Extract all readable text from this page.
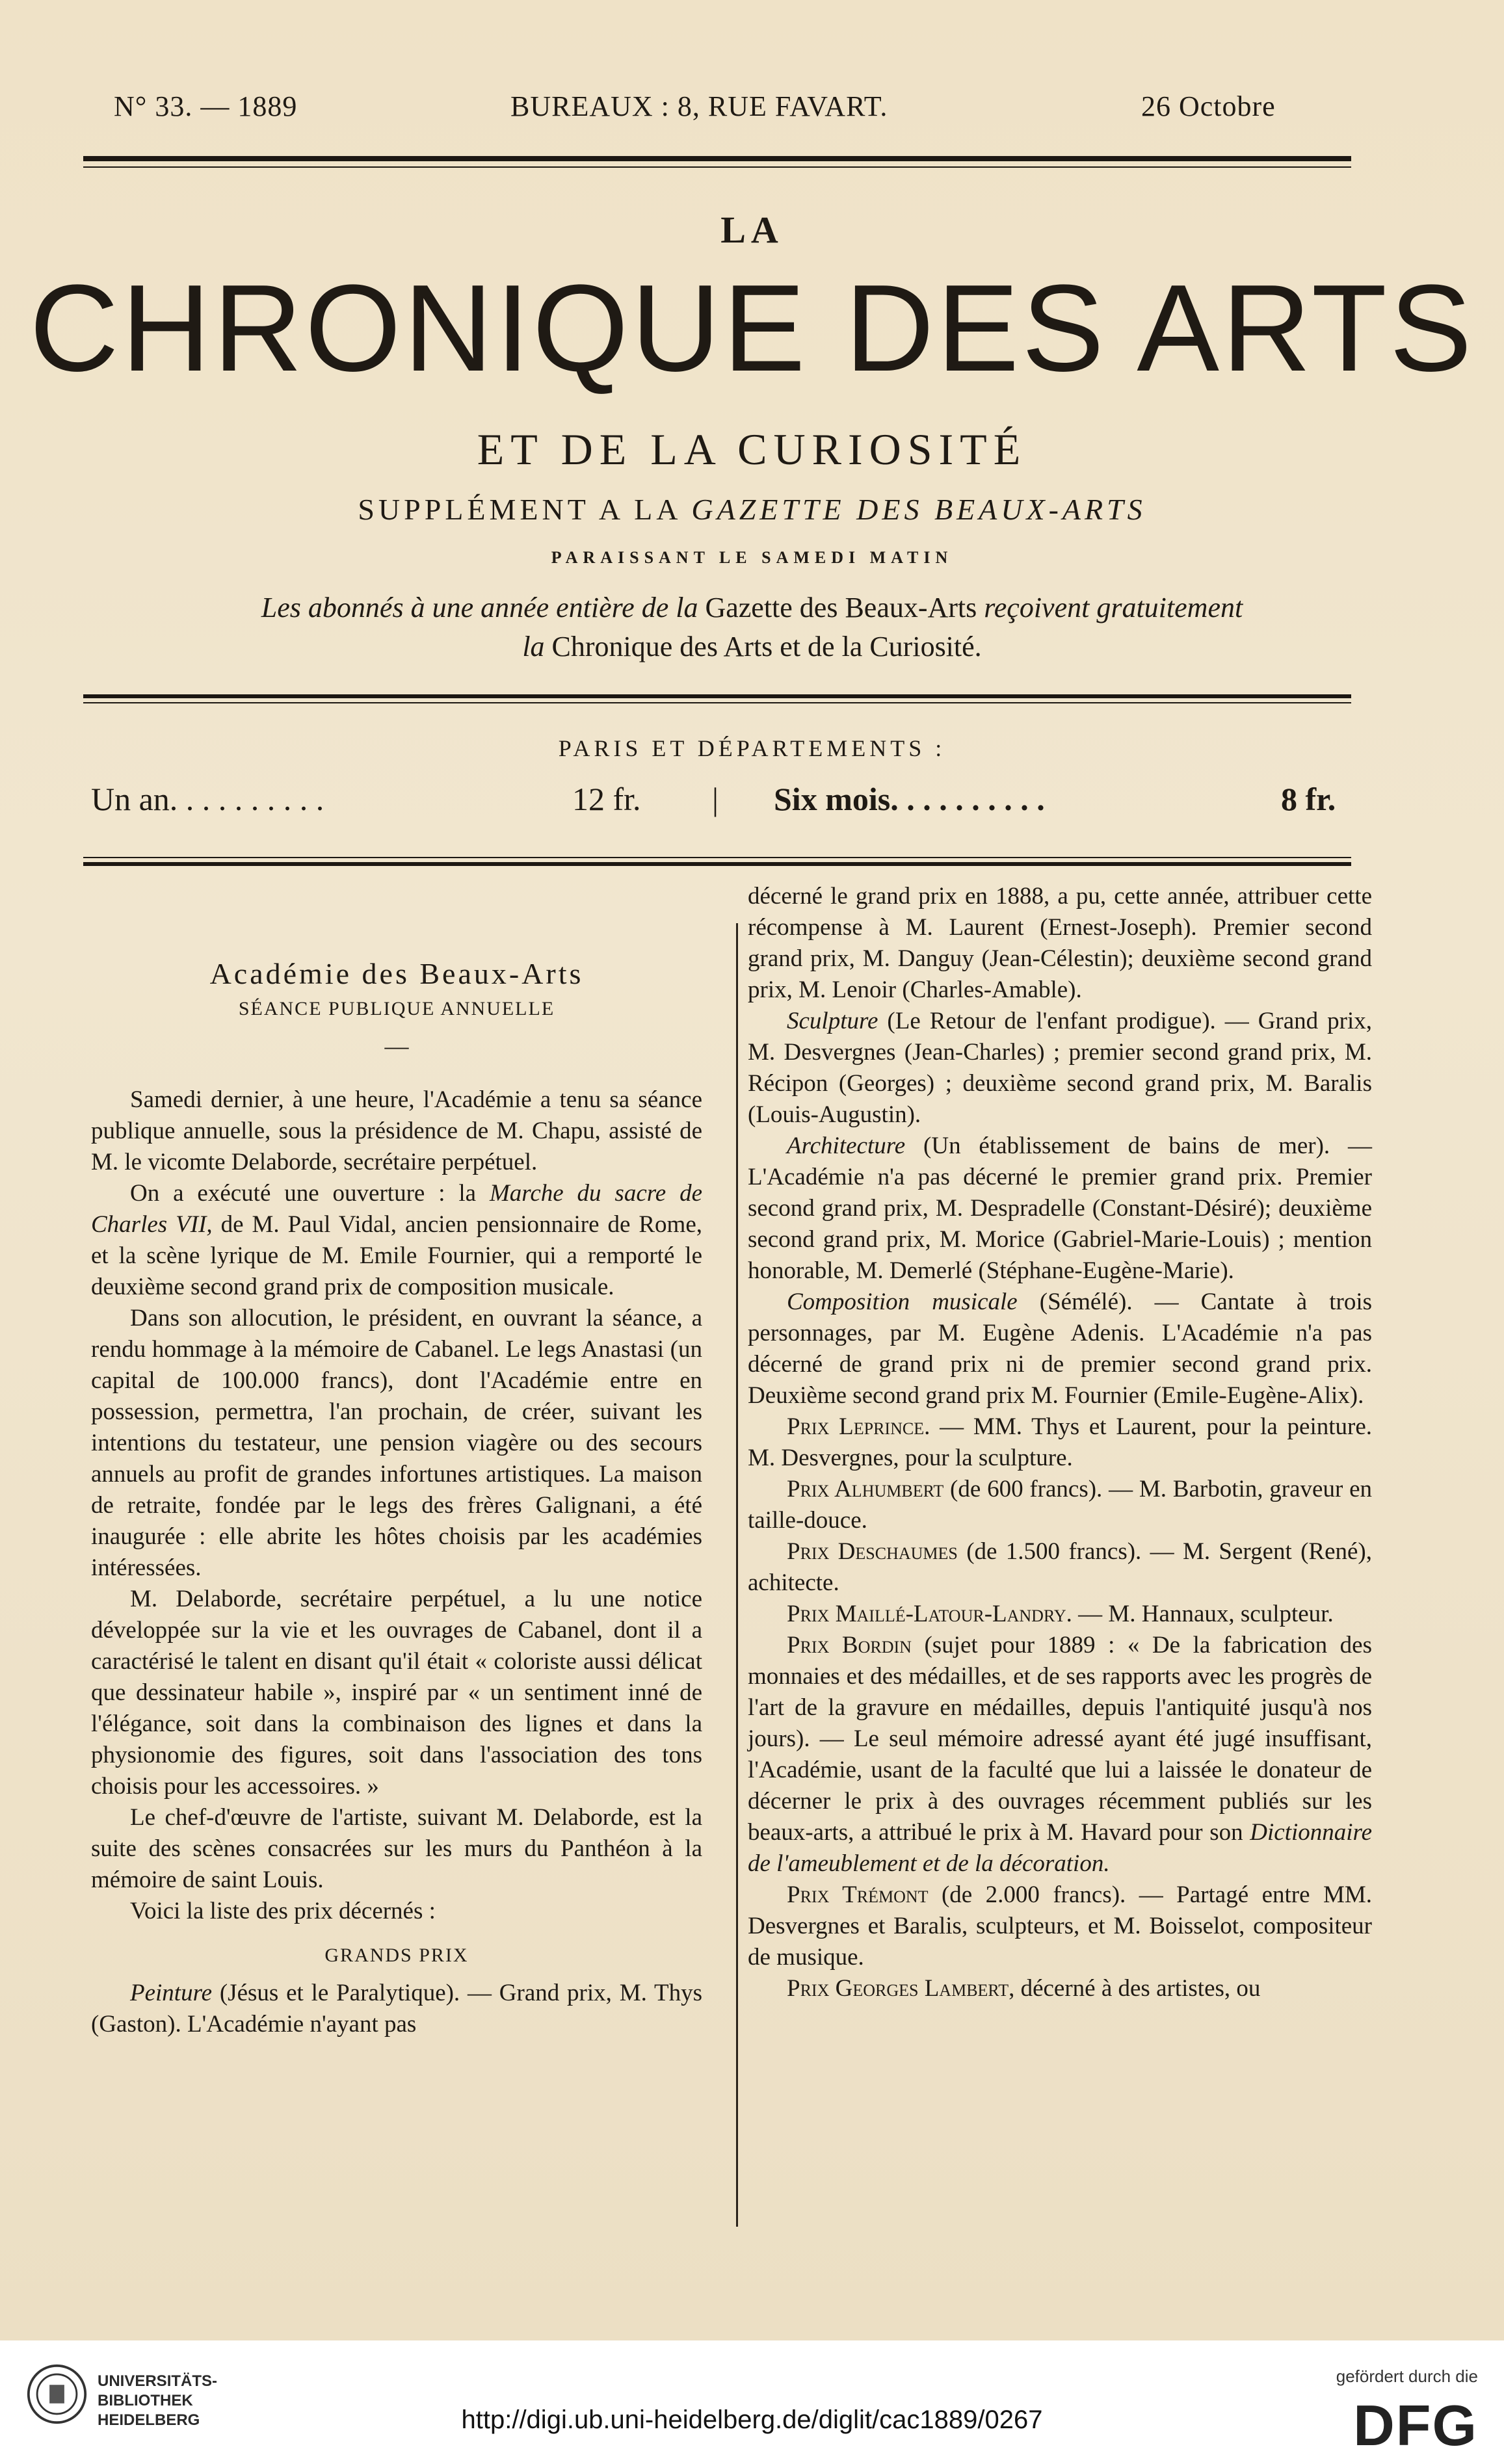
N° 33. — 1889	BUREAUX : 8, RUE FAVART.	26 Octobre
LA
CHRONIQUE DES ARTS
ET DE LA CURIOSITÉ
SUPPLÉMENT A LA GAZETTE DES BEAUX-ARTS
PARAISSANT LE SAMEDI MATIN
Les abonnés à une année entière de la Gazette des Beaux-Arts reçoivent gratuitement
la Chronique des Arts et de la Curiosité.
PARIS ET DÉPARTEMENTS :
Un an. . . . . . . . . .	12 fr. | Six mois. . . . . . . . . .	8 fr.
Académie des Beaux-Arts
SÉANCE PUBLIQUE ANNUELLE
—

Samedi dernier, à une heure, l'Académie a tenu sa séance publique annuelle, sous la présidence de M. Chapu, assisté de M. le vicomte Delaborde, secrétaire perpétuel.

On a exécuté une ouverture : la Marche du sacre de Charles VII, de M. Paul Vidal, ancien pensionnaire de Rome, et la scène lyrique de M. Emile Fournier, qui a remporté le deuxième second grand prix de composition musicale.

Dans son allocution, le président, en ouvrant la séance, a rendu hommage à la mémoire de Cabanel. Le legs Anastasi (un capital de 100.000 francs), dont l'Académie entre en possession, permettra, l'an prochain, de créer, suivant les intentions du testateur, une pension viagère ou des secours annuels au profit de grandes infortunes artistiques. La maison de retraite, fondée par le legs des frères Galignani, a été inaugurée : elle abrite les hôtes choisis par les académies intéressées.

M. Delaborde, secrétaire perpétuel, a lu une notice développée sur la vie et les ouvrages de Cabanel, dont il a caractérisé le talent en disant qu'il était « coloriste aussi délicat que dessinateur habile », inspiré par « un sentiment inné de l'élégance, soit dans la combinaison des lignes et dans la physionomie des figures, soit dans l'association des tons choisis pour les accessoires. »

Le chef-d'œuvre de l'artiste, suivant M. Delaborde, est la suite des scènes consacrées sur les murs du Panthéon à la mémoire de saint Louis.

Voici la liste des prix décernés :

GRANDS PRIX

Peinture (Jésus et le Paralytique). — Grand prix, M. Thys (Gaston). L'Académie n'ayant pas

décerné le grand prix en 1888, a pu, cette année, attribuer cette récompense à M. Laurent (Ernest-Joseph). Premier second grand prix, M. Danguy (Jean-Célestin); deuxième second grand prix, M. Lenoir (Charles-Amable).

Sculpture (Le Retour de l'enfant prodigue). — Grand prix, M. Desvergnes (Jean-Charles) ; premier second grand prix, M. Récipon (Georges) ; deuxième second grand prix, M. Baralis (Louis-Augustin).

Architecture (Un établissement de bains de mer). — L'Académie n'a pas décerné le premier grand prix. Premier second grand prix, M. Despradelle (Constant-Désiré); deuxième second grand prix, M. Morice (Gabriel-Marie-Louis) ; mention honorable, M. Demerlé (Stéphane-Eugène-Marie).

Composition musicale (Sémélé). — Cantate à trois personnages, par M. Eugène Adenis. L'Académie n'a pas décerné de grand prix ni de premier second grand prix. Deuxième second grand prix M. Fournier (Emile-Eugène-Alix).

Prix Leprince. — MM. Thys et Laurent, pour la peinture. M. Desvergnes, pour la sculpture.

Prix Alhumbert (de 600 francs). — M. Barbotin, graveur en taille-douce.

Prix Deschaumes (de 1.500 francs). — M. Sergent (René), achitecte.

Prix Maillé-Latour-Landry. — M. Hannaux, sculpteur.

Prix Bordin (sujet pour 1889 : « De la fabrication des monnaies et des médailles, et de ses rapports avec les progrès de l'art de la gravure en médailles, depuis l'antiquité jusqu'à nos jours). — Le seul mémoire adressé ayant été jugé insuffisant, l'Académie, usant de la faculté que lui a laissée le donateur de décerner le prix à des ouvrages récemment publiés sur les beaux-arts, a attribué le prix à M. Havard pour son Dictionnaire de l'ameublement et de la décoration.

Prix Trémont (de 2.000 francs). — Partagé entre MM. Desvergnes et Baralis, sculpteurs, et M. Boisselot, compositeur de musique.

Prix Georges Lambert, décerné à des artistes, ou

UNIVERSITÄTS-
BIBLIOTHEK
HEIDELBERG	http://digi.ub.uni-heidelberg.de/diglit/cac1889/0267
gefördert durch die
DFG
